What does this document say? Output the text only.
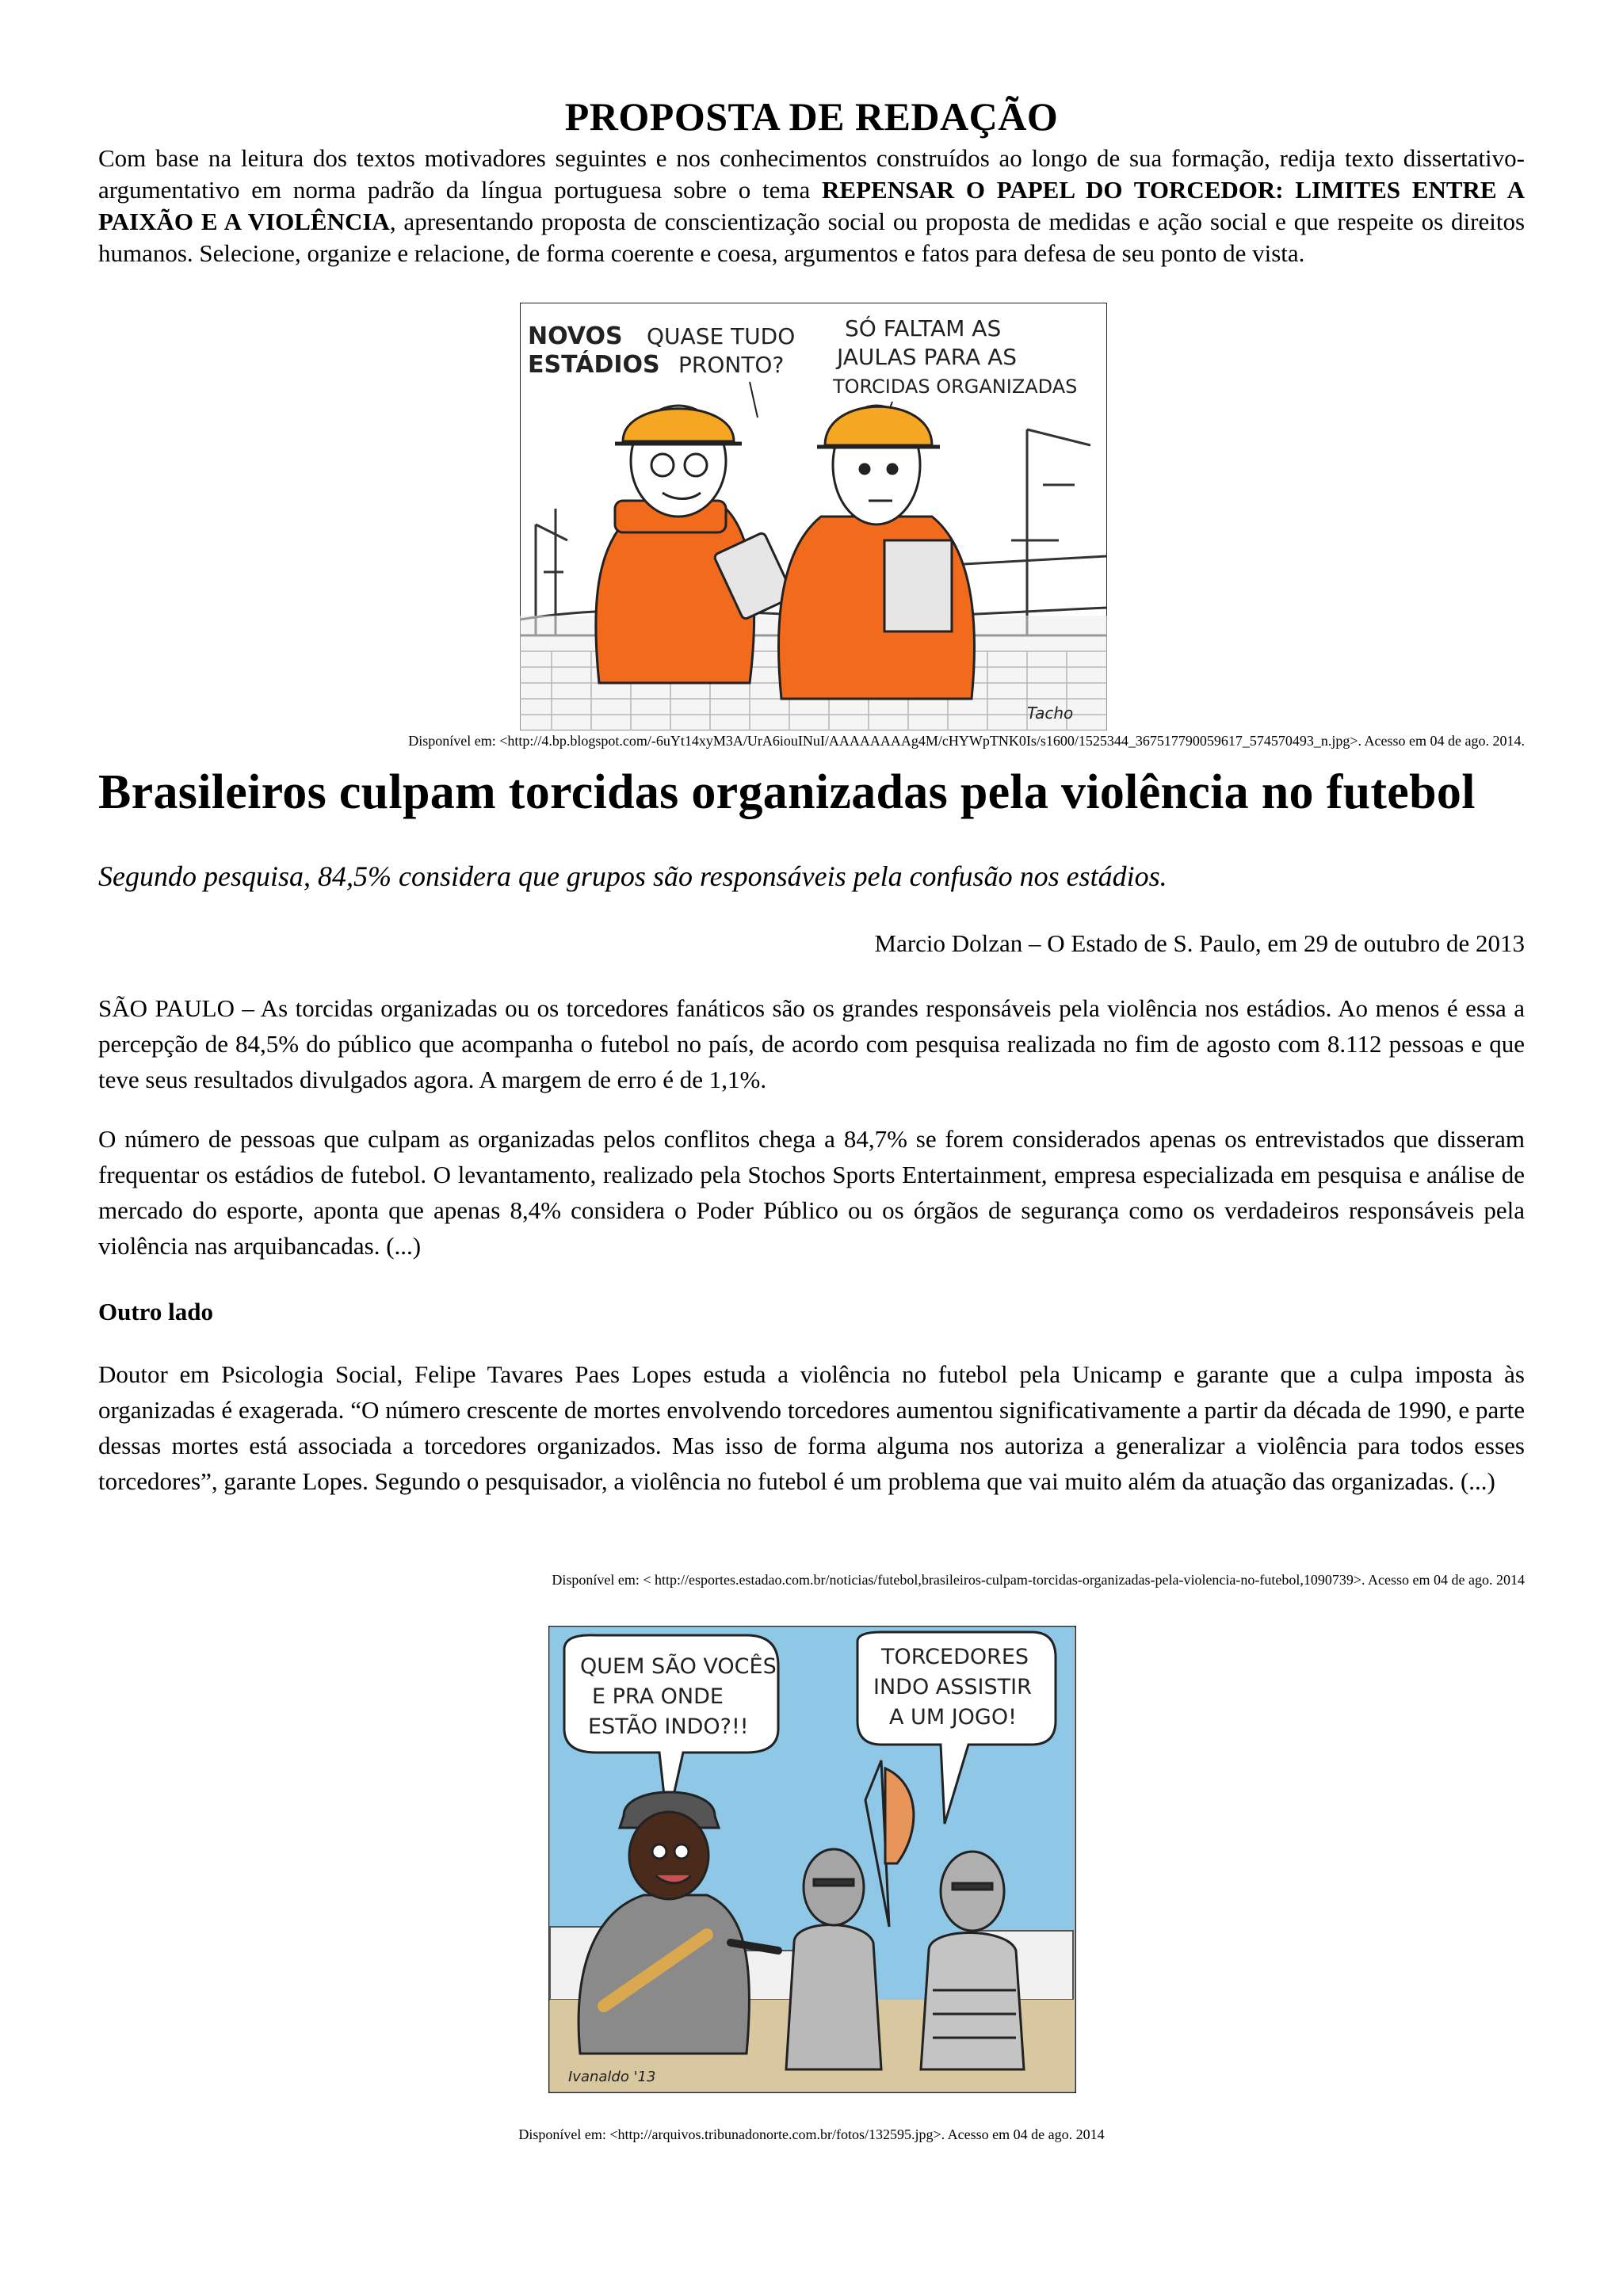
PROPOSTA DE REDAÇÃO
Com base na leitura dos textos motivadores seguintes e nos conhecimentos construídos ao longo de sua formação, redija texto dissertativo-argumentativo em norma padrão da língua portuguesa sobre o tema REPENSAR O PAPEL DO TORCEDOR: LIMITES ENTRE A PAIXÃO E A VIOLÊNCIA, apresentando proposta de conscientização social ou proposta de medidas e ação social e que respeite os direitos humanos. Selecione, organize e relacione, de forma coerente e coesa, argumentos e fatos para defesa de seu ponto de vista.
NOVOS
ESTÁDIOS
QUASE TUDO
PRONTO?
SÓ FALTAM AS
JAULAS PARA AS
TORCIDAS ORGANIZADAS
Tacho
Disponível em: <http://4.bp.blogspot.com/-6uYt14xyM3A/UrA6iouINuI/AAAAAAAAg4M/cHYWpTNK0Is/s1600/1525344_367517790059617_574570493_n.jpg>. Acesso em 04 de ago. 2014.
Brasileiros culpam torcidas organizadas pela violência no futebol
Segundo pesquisa, 84,5% considera que grupos são responsáveis pela confusão nos estádios.
Marcio Dolzan – O Estado de S. Paulo, em 29 de outubro de 2013
SÃO PAULO – As torcidas organizadas ou os torcedores fanáticos são os grandes responsáveis pela violência nos estádios. Ao menos é essa a percepção de 84,5% do público que acompanha o futebol no país, de acordo com pesquisa realizada no fim de agosto com 8.112 pessoas e que teve seus resultados divulgados agora. A margem de erro é de 1,1%.
O número de pessoas que culpam as organizadas pelos conflitos chega a 84,7% se forem considerados apenas os entrevistados que disseram frequentar os estádios de futebol. O levantamento, realizado pela Stochos Sports Entertainment, empresa especializada em pesquisa e análise de mercado do esporte, aponta que apenas 8,4% considera o Poder Público ou os órgãos de segurança como os verdadeiros responsáveis pela violência nas arquibancadas. (...)
Outro lado
Doutor em Psicologia Social, Felipe Tavares Paes Lopes estuda a violência no futebol pela Unicamp e garante que a culpa imposta às organizadas é exagerada. “O número crescente de mortes envolvendo torcedores aumentou significativamente a partir da década de 1990, e parte dessas mortes está associada a torcedores organizados. Mas isso de forma alguma nos autoriza a generalizar a violência para todos esses torcedores”, garante Lopes. Segundo o pesquisador, a violência no futebol é um problema que vai muito além da atuação das organizadas. (...)
Disponível em: < http://esportes.estadao.com.br/noticias/futebol,brasileiros-culpam-torcidas-organizadas-pela-violencia-no-futebol,1090739>. Acesso em 04 de ago. 2014
QUEM SÃO VOCÊS
E PRA ONDE
ESTÃO INDO?!!
TORCEDORES
INDO ASSISTIR
A UM JOGO!
Ivanaldo '13
Disponível em: <http://arquivos.tribunadonorte.com.br/fotos/132595.jpg>. Acesso em 04 de ago. 2014
